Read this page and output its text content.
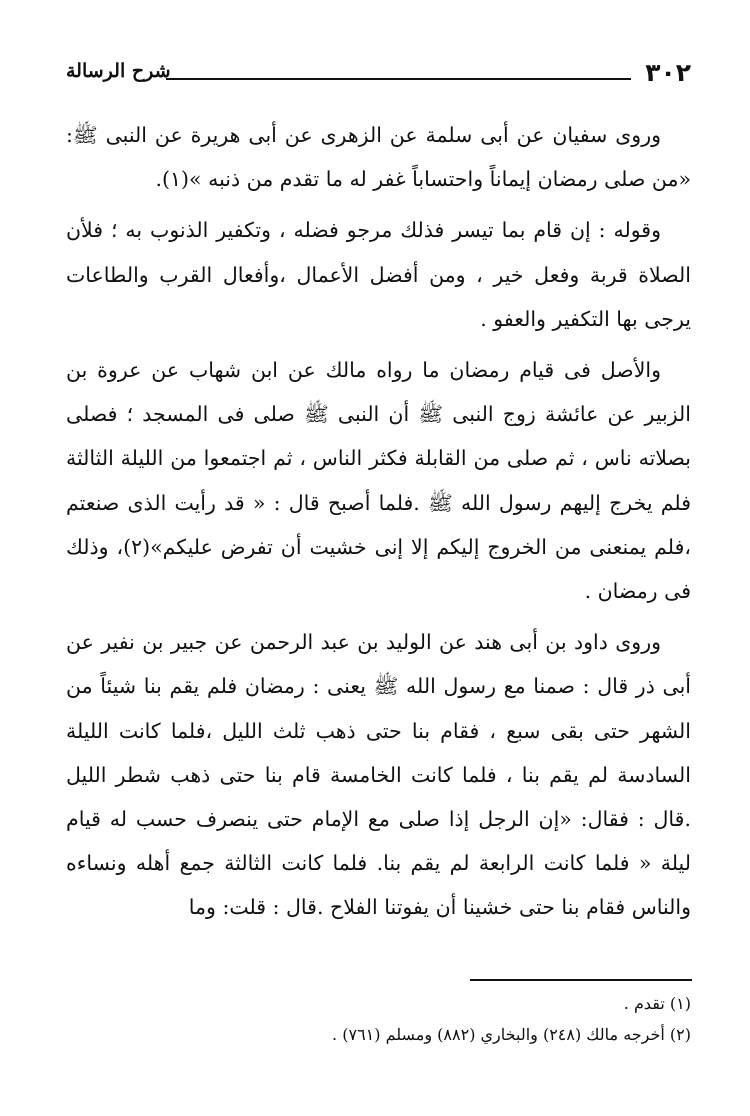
٣٠٢
شرح الرسالة

وروى سفيان عن أبى سلمة عن الزهرى عن أبى هريرة عن النبى ﷺ: «من صلى رمضان إيماناً واحتساباً غفر له ما تقدم من ذنبه »(١).

وقوله : إن قام بما تيسر فذلك مرجو فضله ، وتكفير الذنوب به ؛ فلأن الصلاة قربة وفعل خير ، ومن أفضل الأعمال ،وأفعال القرب والطاعات يرجى بها التكفير والعفو .

والأصل فى قيام رمضان ما رواه مالك عن ابن شهاب عن عروة بن الزبير عن عائشة زوج النبى ﷺ أن النبى ﷺ صلى فى المسجد ؛ فصلى بصلاته ناس ، ثم صلى من القابلة فكثر الناس ، ثم اجتمعوا من الليلة الثالثة فلم يخرج إليهم رسول الله ﷺ .فلما أصبح قال : « قد رأيت الذى صنعتم ،فلم يمنعنى من الخروج إليكم إلا إنى خشيت أن تفرض عليكم»(٢)، وذلك فى رمضان .

وروى داود بن أبى هند عن الوليد بن عبد الرحمن عن جبير بن نفير عن أبى ذر قال : صمنا مع رسول الله ﷺ يعنى : رمضان فلم يقم بنا شيئاً من الشهر حتى بقى سبع ، فقام بنا حتى ذهب ثلث الليل ،فلما كانت الليلة السادسة لم يقم بنا ، فلما كانت الخامسة قام بنا حتى ذهب شطر الليل .قال : فقال: «إن الرجل إذا صلى مع الإمام حتى ينصرف حسب له قيام ليلة « فلما كانت الرابعة لم يقم بنا. فلما كانت الثالثة جمع أهله ونساءه والناس فقام بنا حتى خشينا أن يفوتنا الفلاح .قال : قلت: وما

(١) تقدم .
(٢) أخرجه مالك (٢٤٨) والبخاري (٨٨٢) ومسلم (٧٦١) .
